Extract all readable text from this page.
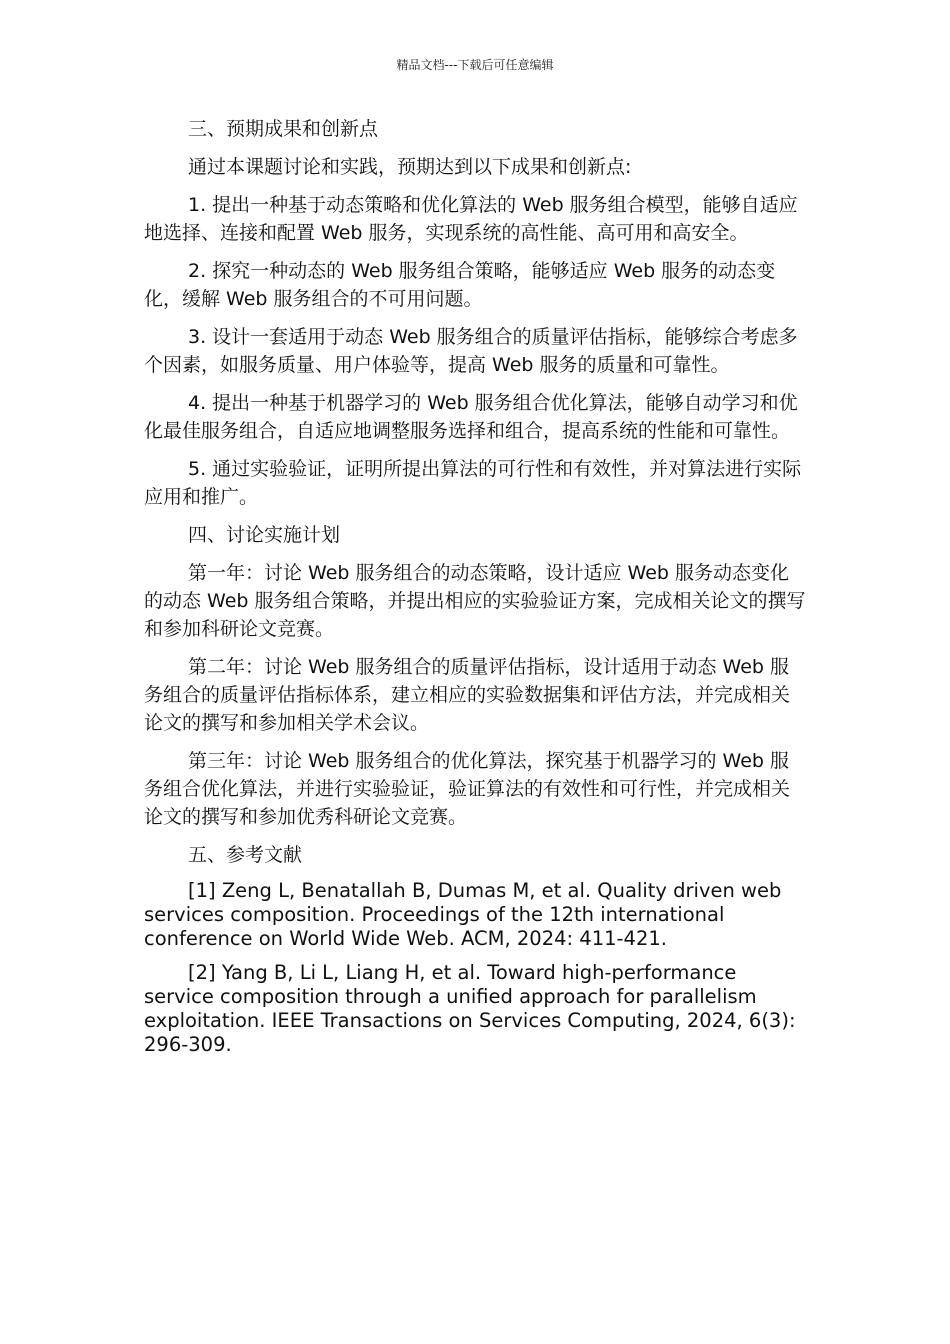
精品文档---下载后可任意编辑

三、预期成果和创新点

通过本课题讨论和实践，预期达到以下成果和创新点:

1. 提出一种基于动态策略和优化算法的 Web 服务组合模型，能够自适应地选择、连接和配置 Web 服务，实现系统的高性能、高可用和高安全。

2. 探究一种动态的 Web 服务组合策略，能够适应 Web 服务的动态变化，缓解 Web 服务组合的不可用问题。

3. 设计一套适用于动态 Web 服务组合的质量评估指标，能够综合考虑多个因素，如服务质量、用户体验等，提高 Web 服务的质量和可靠性。

4. 提出一种基于机器学习的 Web 服务组合优化算法，能够自动学习和优化最佳服务组合，自适应地调整服务选择和组合，提高系统的性能和可靠性。

5. 通过实验验证，证明所提出算法的可行性和有效性，并对算法进行实际应用和推广。

四、讨论实施计划

第一年：讨论 Web 服务组合的动态策略，设计适应 Web 服务动态变化的动态 Web 服务组合策略，并提出相应的实验验证方案，完成相关论文的撰写和参加科研论文竞赛。

第二年：讨论 Web 服务组合的质量评估指标，设计适用于动态 Web 服务组合的质量评估指标体系，建立相应的实验数据集和评估方法，并完成相关论文的撰写和参加相关学术会议。

第三年：讨论 Web 服务组合的优化算法，探究基于机器学习的 Web 服务组合优化算法，并进行实验验证，验证算法的有效性和可行性，并完成相关论文的撰写和参加优秀科研论文竞赛。

五、参考文献

[1] Zeng L, Benatallah B, Dumas M, et al. Quality driven web services composition. Proceedings of the 12th international conference on World Wide Web. ACM, 2024: 411-421.

[2] Yang B, Li L, Liang H, et al. Toward high-performance service composition through a unified approach for parallelism exploitation. IEEE Transactions on Services Computing, 2024, 6(3): 296-309.
